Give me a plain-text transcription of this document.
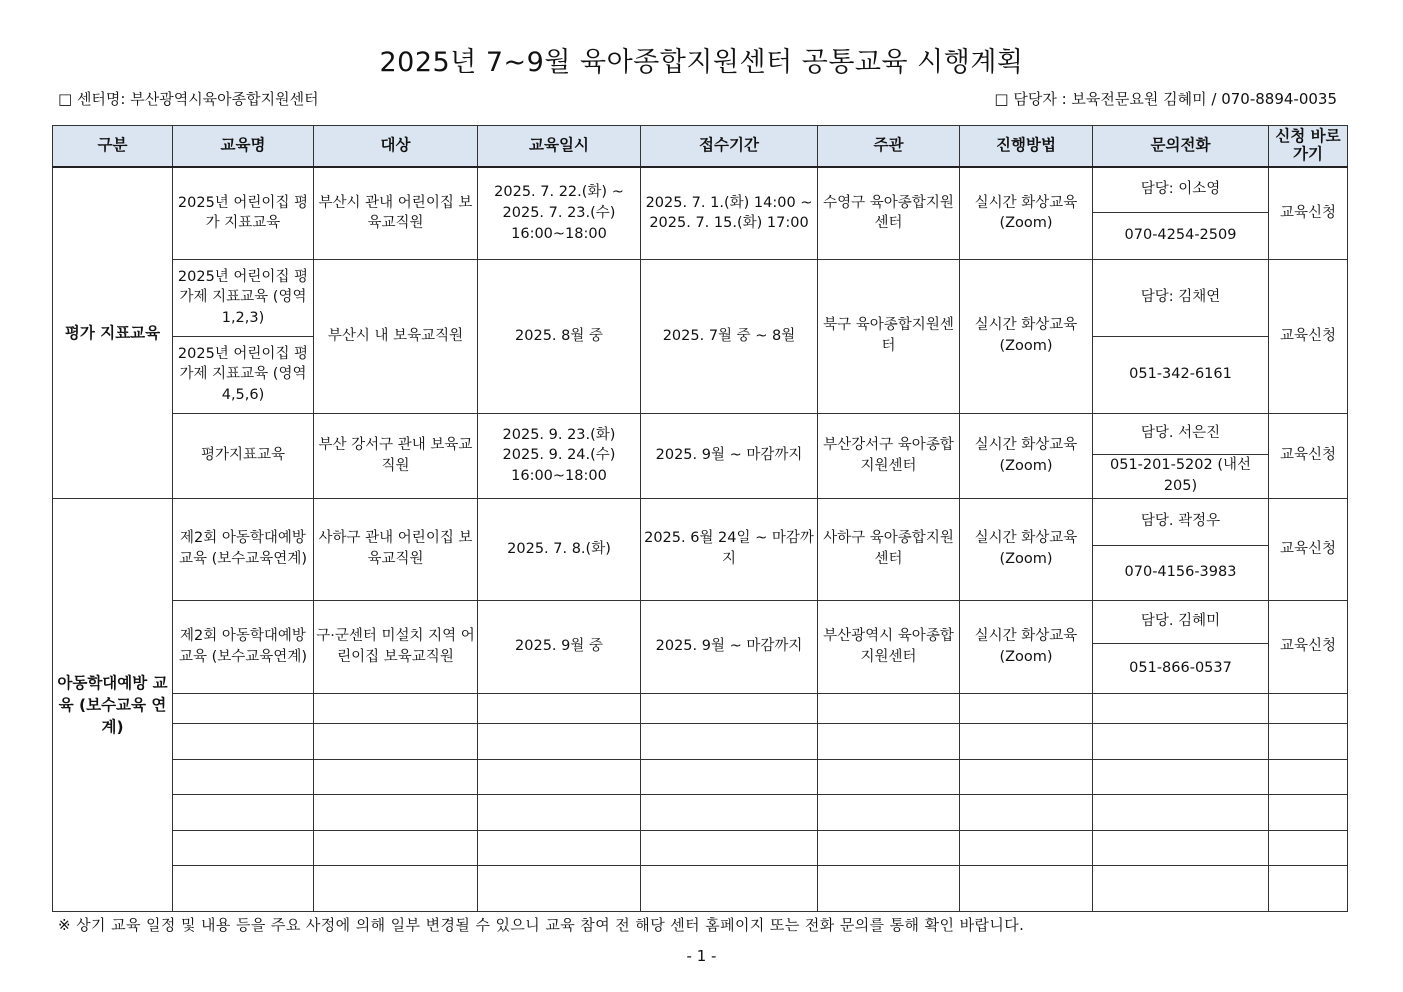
2025년 7~9월 육아종합지원센터 공통교육 시행계획
□ 센터명: 부산광역시육아종합지원센터	□ 담당자 : 보육전문요원 김혜미 / 070-8894-0035
구분	교육명	대상	교육일시	접수기간	주관	진행방법	문의전화	신청 바로가기
평가 지표교육	2025년 어린이집 평가 지표교육	부산시 관내 어린이집 보육교직원	2025. 7. 22.(화) ~ 2025. 7. 23.(수) 16:00~18:00	2025. 7. 1.(화) 14:00 ~ 2025. 7. 15.(화) 17:00	수영구 육아종합지원센터	실시간 화상교육(Zoom)	담당: 이소영	교육신청
							070-4254-2509	
	2025년 어린이집 평가제 지표교육 (영역 1,2,3)	부산시 내 보육교직원	2025. 8월 중	2025. 7월 중 ~ 8월	북구 육아종합지원센터	실시간 화상교육(Zoom)	담당: 김채연	교육신청
	2025년 어린이집 평가제 지표교육 (영역 4,5,6)						051-342-6161	
	평가지표교육	부산 강서구 관내 보육교직원	2025. 9. 23.(화) 2025. 9. 24.(수) 16:00~18:00	2025. 9월 ~ 마감까지	부산강서구 육아종합지원센터	실시간 화상교육(Zoom)	담당. 서은진	교육신청
							051-201-5202 (내선205)	

아동학대예방 교육 (보수교육 연계)	제2회 아동학대예방교육 (보수교육연계)	사하구 관내 어린이집 보육교직원	2025. 7. 8.(화)	2025. 6월 24일 ~ 마감까지	사하구 육아종합지원센터	실시간 화상교육(Zoom)	담당. 곽정우	교육신청
							070-4156-3983	
	제2회 아동학대예방교육 (보수교육연계)	구·군센터 미설치 지역 어린이집 보육교직원	2025. 9월 중	2025. 9월 ~ 마감까지	부산광역시 육아종합지원센터	실시간 화상교육(Zoom)	담당. 김혜미	교육신청
							051-866-0537	

※ 상기 교육 일정 및 내용 등을 주요 사정에 의해 일부 변경될 수 있으니 교육 참여 전 해당 센터 홈페이지 또는 전화 문의를 통해 확인 바랍니다.
- 1 -
